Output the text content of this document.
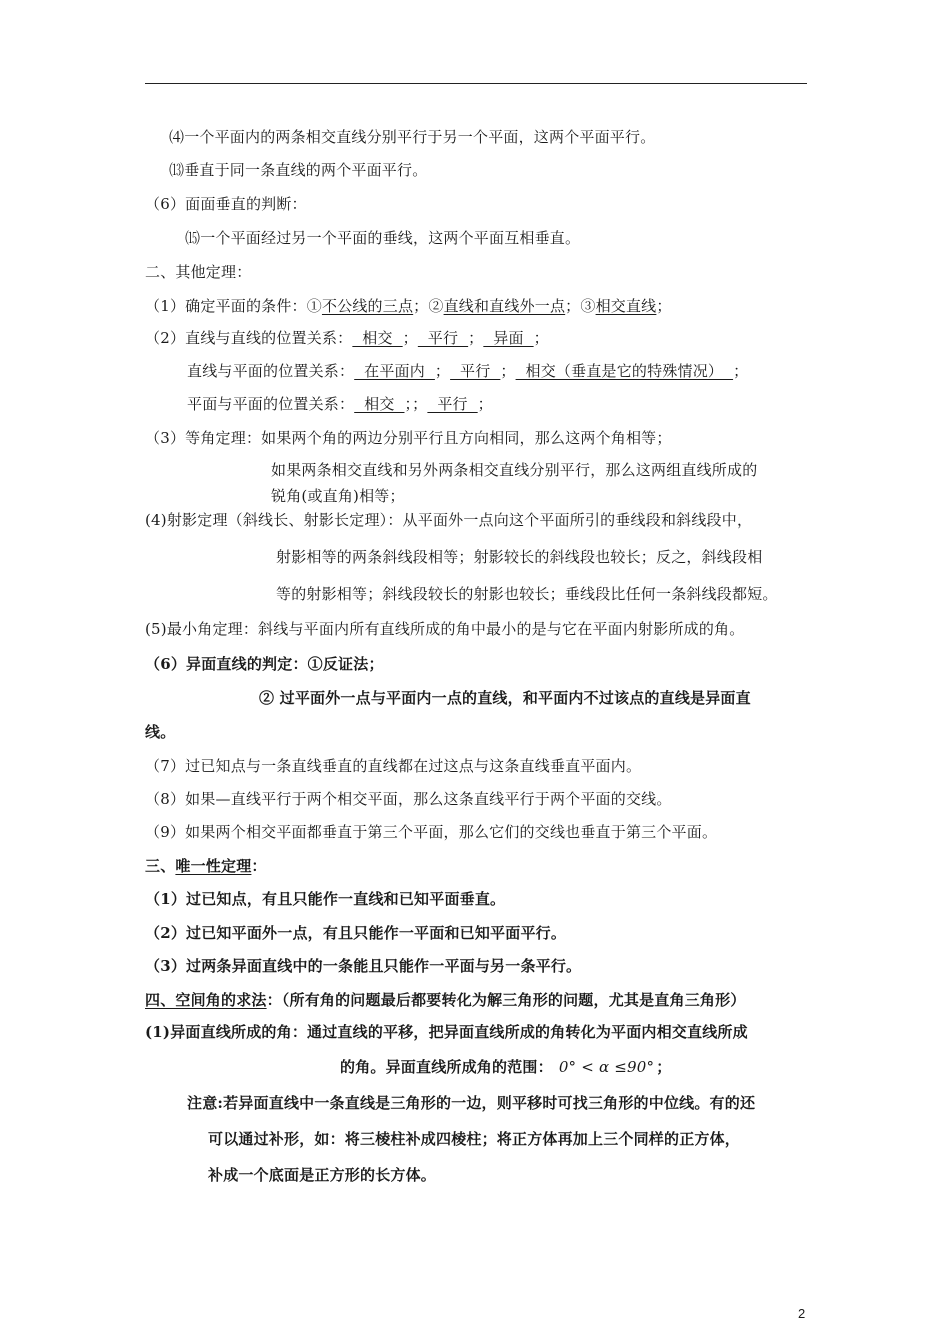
⑷一个平面内的两条相交直线分别平行于另一个平面，这两个平面平行。
⒀垂直于同一条直线的两个平面平行。
（6）面面垂直的判断：
⒂一个平面经过另一个平面的垂线，这两个平面互相垂直。
二、其他定理：
（1）确定平面的条件：①不公线的三点；②直线和直线外一点；③相交直线；
（2）直线与直线的位置关系：  相交  ；  平行  ；  异面  ；
直线与平面的位置关系：  在平面内  ；  平行  ；  相交（垂直是它的特殊情况）  ；
平面与平面的位置关系：  相交  ；；  平行  ；
（3）等角定理：如果两个角的两边分别平行且方向相同，那么这两个角相等；
如果两条相交直线和另外两条相交直线分别平行，那么这两组直线所成的
锐角(或直角)相等；
(4)射影定理（斜线长、射影长定理）：从平面外一点向这个平面所引的垂线段和斜线段中，
射影相等的两条斜线段相等；射影较长的斜线段也较长；反之，斜线段相
等的射影相等；斜线段较长的射影也较长；垂线段比任何一条斜线段都短。
(5)最小角定理：斜线与平面内所有直线所成的角中最小的是与它在平面内射影所成的角。
（6）异面直线的判定：①反证法；
② 过平面外一点与平面内一点的直线，和平面内不过该点的直线是异面直
线。
（7）过已知点与一条直线垂直的直线都在过这点与这条直线垂直平面内。
（8）如果—直线平行于两个相交平面，那么这条直线平行于两个平面的交线。
（9）如果两个相交平面都垂直于第三个平面，那么它们的交线也垂直于第三个平面。
三、唯一性定理：
（1）过已知点，有且只能作一直线和已知平面垂直。
（2）过已知平面外一点，有且只能作一平面和已知平面平行。
（3）过两条异面直线中的一条能且只能作一平面与另一条平行。
四、空间角的求法：（所有角的问题最后都要转化为解三角形的问题，尤其是直角三角形）
(1)异面直线所成的角：通过直线的平移，把异面直线所成的角转化为平面内相交直线所成
的角。异面直线所成角的范围： 0° < α ≤90° ；
注意:若异面直线中一条直线是三角形的一边，则平移时可找三角形的中位线。有的还
可以通过补形，如：将三棱柱补成四棱柱；将正方体再加上三个同样的正方体，
补成一个底面是正方形的长方体。
2
